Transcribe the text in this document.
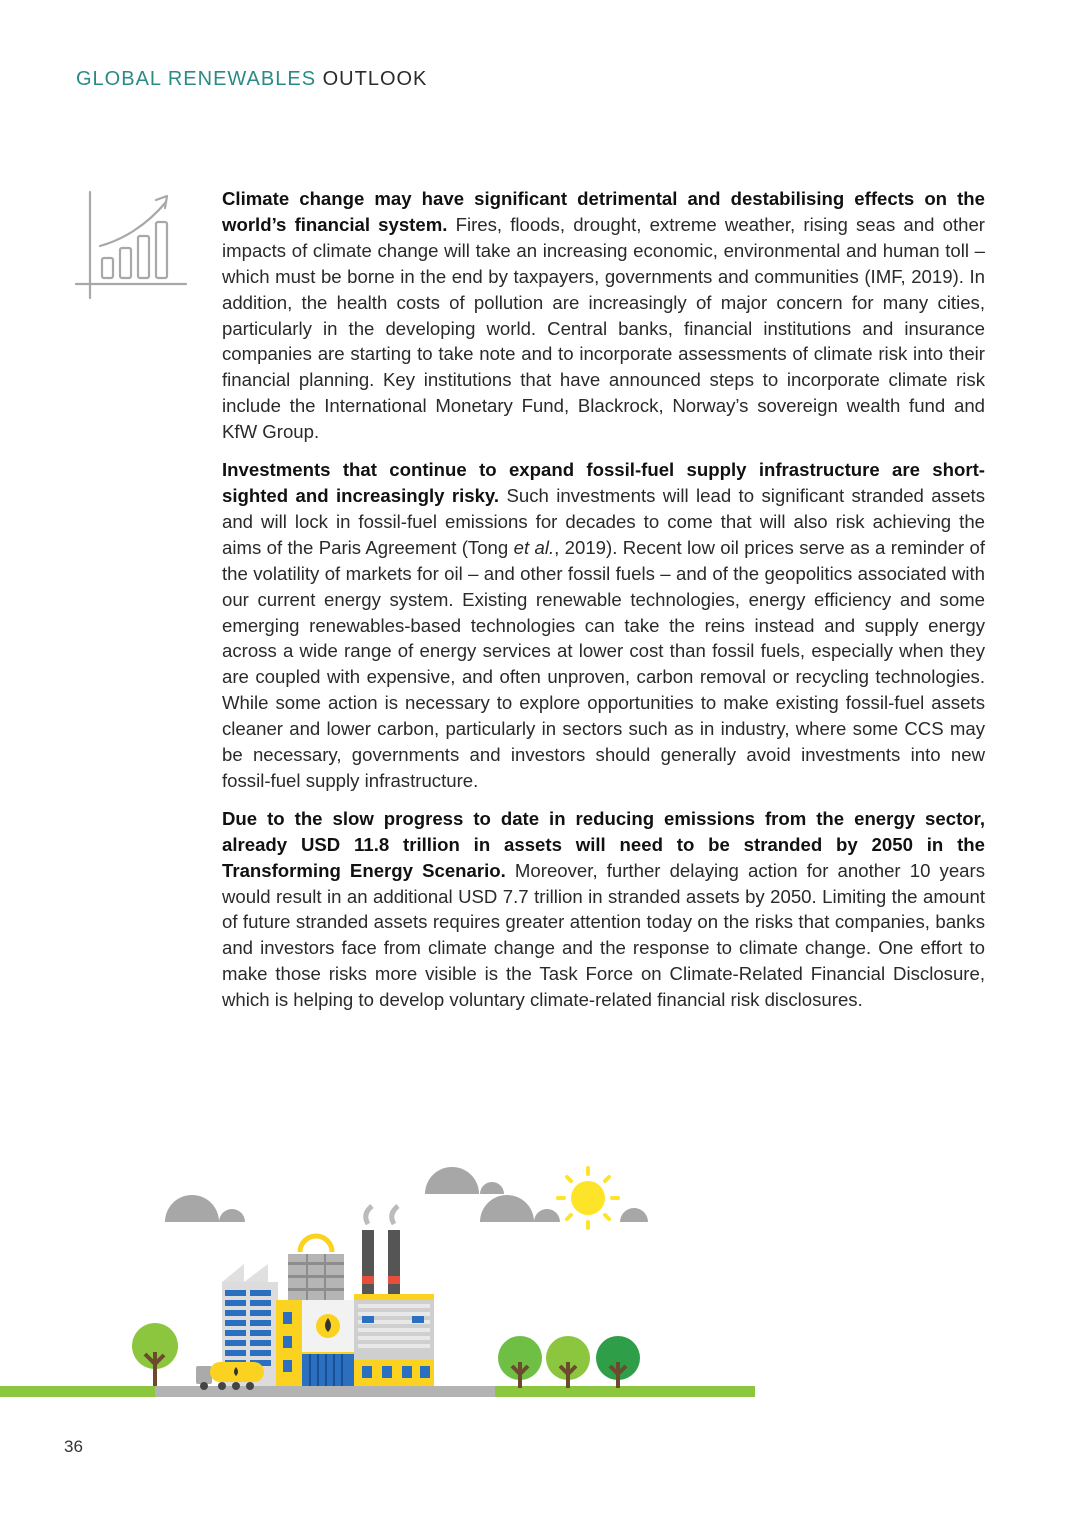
GLOBAL RENEWABLES OUTLOOK

Climate change may have significant detrimental and destabilising effects on the world’s financial system. Fires, floods, drought, extreme weather, rising seas and other impacts of climate change will take an increasing economic, environmental and human toll – which must be borne in the end by taxpayers, governments and communities (IMF, 2019). In addition, the health costs of pollution are increasingly of major concern for many cities, particularly in the developing world. Central banks, financial institutions and insurance companies are starting to take note and to incorporate assessments of climate risk into their financial planning. Key institutions that have announced steps to incorporate climate risk include the International Monetary Fund, Blackrock, Norway’s sovereign wealth fund and KfW Group.

Investments that continue to expand fossil-fuel supply infrastructure are short-sighted and increasingly risky. Such investments will lead to significant stranded assets and will lock in fossil-fuel emissions for decades to come that will also risk achieving the aims of the Paris Agreement (Tong et al., 2019). Recent low oil prices serve as a reminder of the volatility of markets for oil – and other fossil fuels – and of the geopolitics associated with our current energy system. Existing renewable technologies, energy efficiency and some emerging renewables-based technologies can take the reins instead and supply energy across a wide range of energy services at lower cost than fossil fuels, especially when they are coupled with expensive, and often unproven, carbon removal or recycling technologies. While some action is necessary to explore opportunities to make existing fossil-fuel assets cleaner and lower carbon, particularly in sectors such as in industry, where some CCS may be necessary, governments and investors should generally avoid investments into new fossil-fuel supply infrastructure.

Due to the slow progress to date in reducing emissions from the energy sector, already USD 11.8 trillion in assets will need to be stranded by 2050 in the Transforming Energy Scenario. Moreover, further delaying action for another 10 years would result in an additional USD 7.7 trillion in stranded assets by 2050. Limiting the amount of future stranded assets requires greater attention today on the risks that companies, banks and investors face from climate change and the response to climate change. One effort to make those risks more visible is the Task Force on Climate-Related Financial Disclosure, which is helping to develop voluntary climate-related financial risk disclosures.

36
